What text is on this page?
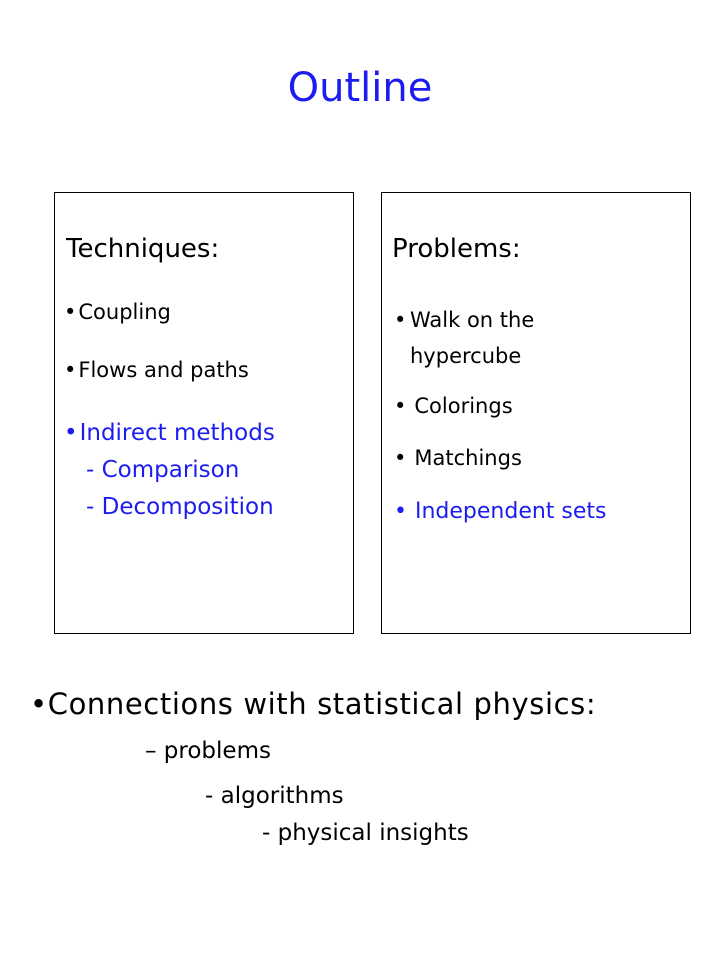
Outline
Techniques:
•Coupling
•Flows and paths
•Indirect methods
- Comparison
- Decomposition
Problems:
• Walk on the hypercube
• Colorings
• Matchings
• Independent sets
•Connections with statistical physics:
– problems
- algorithms
- physical insights
